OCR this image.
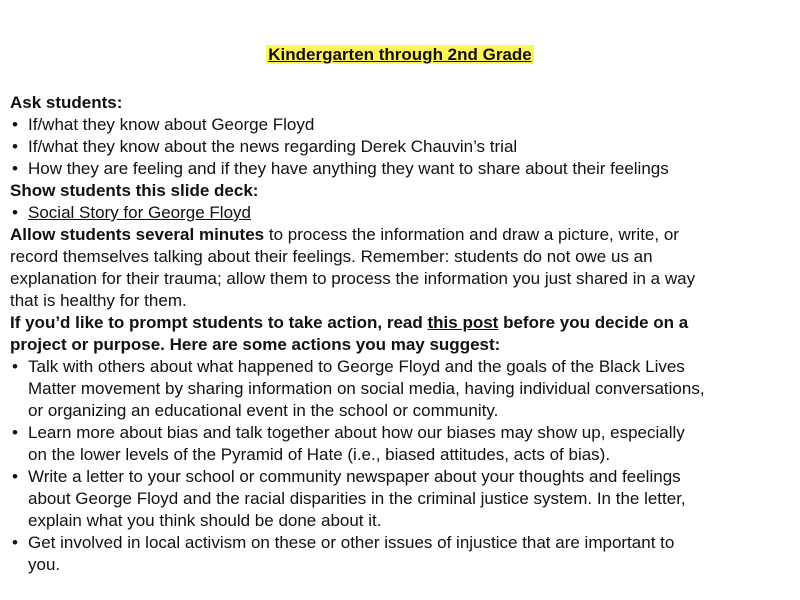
Kindergarten through 2nd Grade
Ask students:
• If/what they know about George Floyd
• If/what they know about the news regarding Derek Chauvin’s trial
• How they are feeling and if they have anything they want to share about their feelings
Show students this slide deck:
• Social Story for George Floyd
Allow students several minutes to process the information and draw a picture, write, or
record themselves talking about their feelings. Remember: students do not owe us an
explanation for their trauma; allow them to process the information you just shared in a way
that is healthy for them.
If you’d like to prompt students to take action, read this post before you decide on a
project or purpose. Here are some actions you may suggest:
• Talk with others about what happened to George Floyd and the goals of the Black Lives
Matter movement by sharing information on social media, having individual conversations,
or organizing an educational event in the school or community.
• Learn more about bias and talk together about how our biases may show up, especially
on the lower levels of the Pyramid of Hate (i.e., biased attitudes, acts of bias).
• Write a letter to your school or community newspaper about your thoughts and feelings
about George Floyd and the racial disparities in the criminal justice system. In the letter,
explain what you think should be done about it.
• Get involved in local activism on these or other issues of injustice that are important to
you.
